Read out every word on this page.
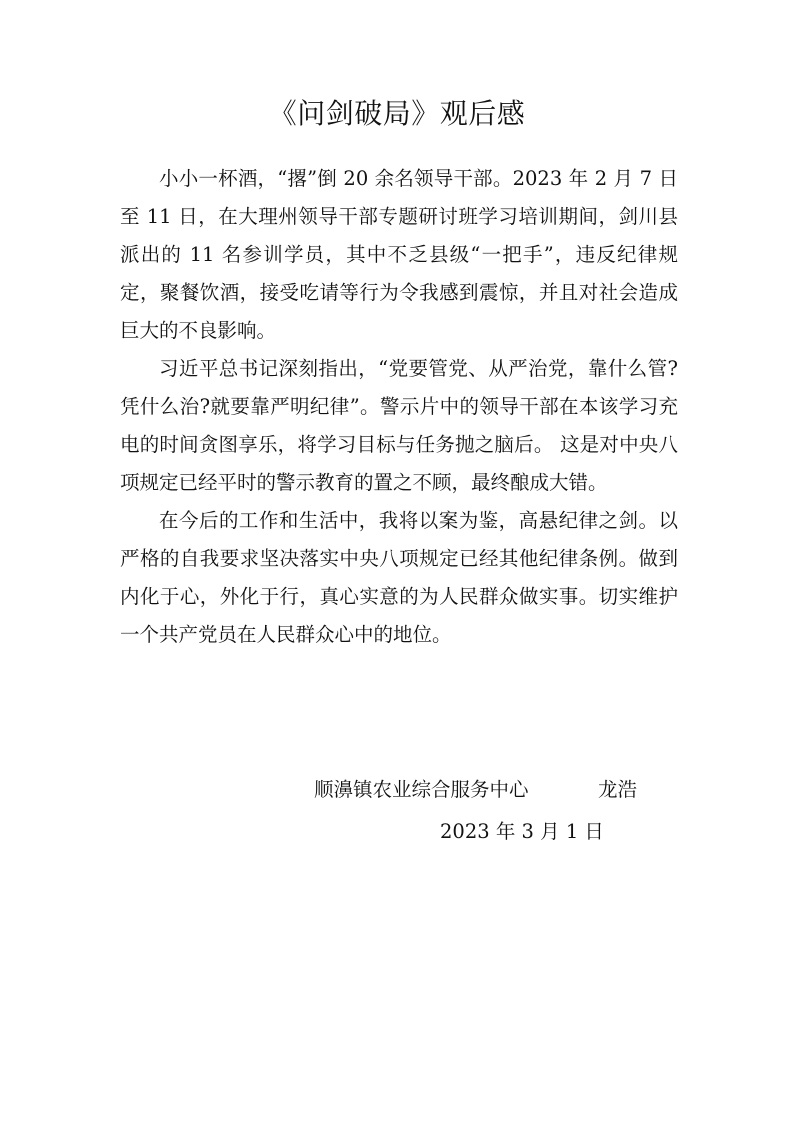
《问剑破局》观后感

小小一杯酒，“撂”倒 20 余名领导干部。2023 年 2 月 7 日至 11 日，在大理州领导干部专题研讨班学习培训期间，剑川县派出的 11 名参训学员，其中不乏县级“一把手”，违反纪律规定，聚餐饮酒，接受吃请等行为令我感到震惊，并且对社会造成巨大的不良影响。

习近平总书记深刻指出，“党要管党、从严治党，靠什么管?凭什么治?就要靠严明纪律”。警示片中的领导干部在本该学习充电的时间贪图享乐，将学习目标与任务抛之脑后。 这是对中央八项规定已经平时的警示教育的置之不顾，最终酿成大错。

在今后的工作和生活中，我将以案为鉴，高悬纪律之剑。以严格的自我要求坚决落实中央八项规定已经其他纪律条例。做到内化于心，外化于行，真心实意的为人民群众做实事。切实维护一个共产党员在人民群众心中的地位。

顺濞镇农业综合服务中心	龙浩
2023 年 3 月 1 日
